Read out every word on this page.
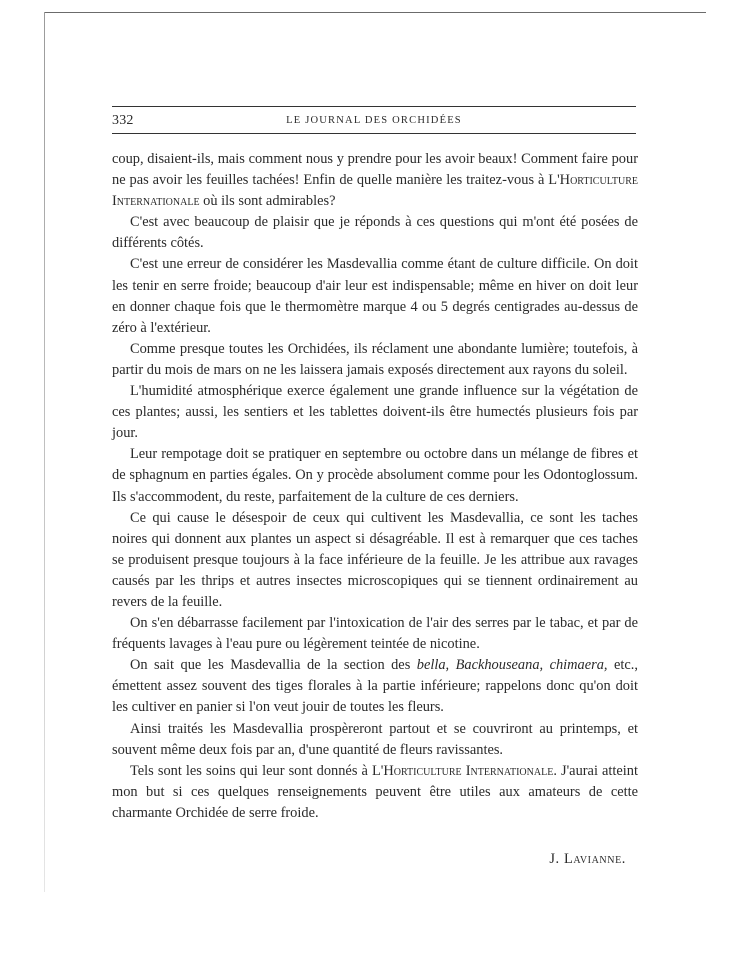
332	LE JOURNAL DES ORCHIDÉES

coup, disaient-ils, mais comment nous y prendre pour les avoir beaux! Comment faire pour ne pas avoir les feuilles tachées! Enfin de quelle manière les traitez-vous à L'Horticulture Internationale où ils sont admirables?

C'est avec beaucoup de plaisir que je réponds à ces questions qui m'ont été posées de différents côtés.

C'est une erreur de considérer les Masdevallia comme étant de culture difficile. On doit les tenir en serre froide; beaucoup d'air leur est indispensable; même en hiver on doit leur en donner chaque fois que le thermomètre marque 4 ou 5 degrés centigrades au-dessus de zéro à l'extérieur.

Comme presque toutes les Orchidées, ils réclament une abondante lumière; toutefois, à partir du mois de mars on ne les laissera jamais exposés directement aux rayons du soleil.

L'humidité atmosphérique exerce également une grande influence sur la végétation de ces plantes; aussi, les sentiers et les tablettes doivent-ils être humectés plusieurs fois par jour.

Leur rempotage doit se pratiquer en septembre ou octobre dans un mélange de fibres et de sphagnum en parties égales. On y procède absolument comme pour les Odontoglossum. Ils s'accommodent, du reste, parfaitement de la culture de ces derniers.

Ce qui cause le désespoir de ceux qui cultivent les Masdevallia, ce sont les taches noires qui donnent aux plantes un aspect si désagréable. Il est à remarquer que ces taches se produisent presque toujours à la face inférieure de la feuille. Je les attribue aux ravages causés par les thrips et autres insectes microscopiques qui se tiennent ordinairement au revers de la feuille.

On s'en débarrasse facilement par l'intoxication de l'air des serres par le tabac, et par de fréquents lavages à l'eau pure ou légèrement teintée de nicotine.

On sait que les Masdevallia de la section des bella, Backhouseana, chimaera, etc., émettent assez souvent des tiges florales à la partie inférieure; rappelons donc qu'on doit les cultiver en panier si l'on veut jouir de toutes les fleurs.

Ainsi traités les Masdevallia prospèreront partout et se couvriront au printemps, et souvent même deux fois par an, d'une quantité de fleurs ravissantes.

Tels sont les soins qui leur sont donnés à L'Horticulture Internationale. J'aurai atteint mon but si ces quelques renseignements peuvent être utiles aux amateurs de cette charmante Orchidée de serre froide.

J. Lavianne.
